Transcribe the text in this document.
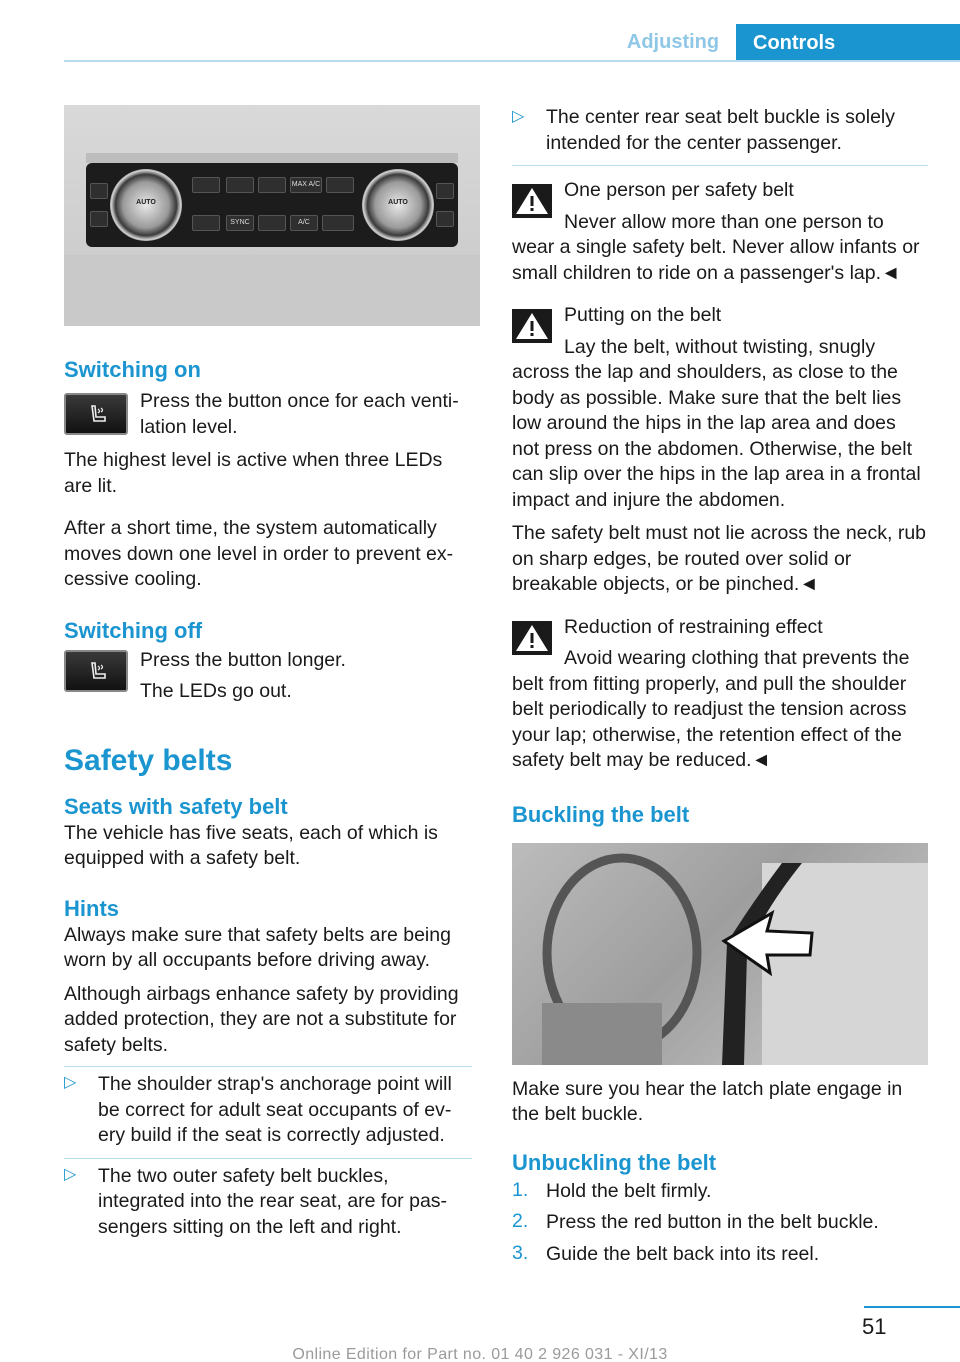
Adjusting	Controls
AUTO	AUTO
MAX A/C
SYNC	A/C
Switching on

Press the button once for each venti-lation level.

The highest level is active when three LEDs are lit.

After a short time, the system automatically moves down one level in order to prevent ex-cessive cooling.

Switching off

Press the button longer.

The LEDs go out.

Safety belts
Seats with safety belt

The vehicle has five seats, each of which is equipped with a safety belt.

Hints

Always make sure that safety belts are being worn by all occupants before driving away.

Although airbags enhance safety by providing added protection, they are not a substitute for safety belts.

▷ The shoulder strap's anchorage point will be correct for adult seat occupants of ev-ery build if the seat is correctly adjusted.

▷ The two outer safety belt buckles, integrated into the rear seat, are for pas-sengers sitting on the left and right.

▷ The center rear seat belt buckle is solely intended for the center passenger.

One person per safety belt

Never allow more than one person to

wear a single safety belt. Never allow infants or small children to ride on a passenger's lap.◄

Putting on the belt

Lay the belt, without twisting, snugly

across the lap and shoulders, as close to the body as possible. Make sure that the belt lies low around the hips in the lap area and does not press on the abdomen. Otherwise, the belt can slip over the hips in the lap area in a frontal impact and injure the abdomen.

The safety belt must not lie across the neck, rub on sharp edges, be routed over solid or breakable objects, or be pinched.◄

Reduction of restraining effect

Avoid wearing clothing that prevents the

belt from fitting properly, and pull the shoulder belt periodically to readjust the tension across your lap; otherwise, the retention effect of the safety belt may be reduced.◄

Buckling the belt

Make sure you hear the latch plate engage in the belt buckle.

Unbuckling the belt
1. Hold the belt firmly.

2. Press the red button in the belt buckle.

3. Guide the belt back into its reel.

51
Online Edition for Part no. 01 40 2 926 031 - XI/13
